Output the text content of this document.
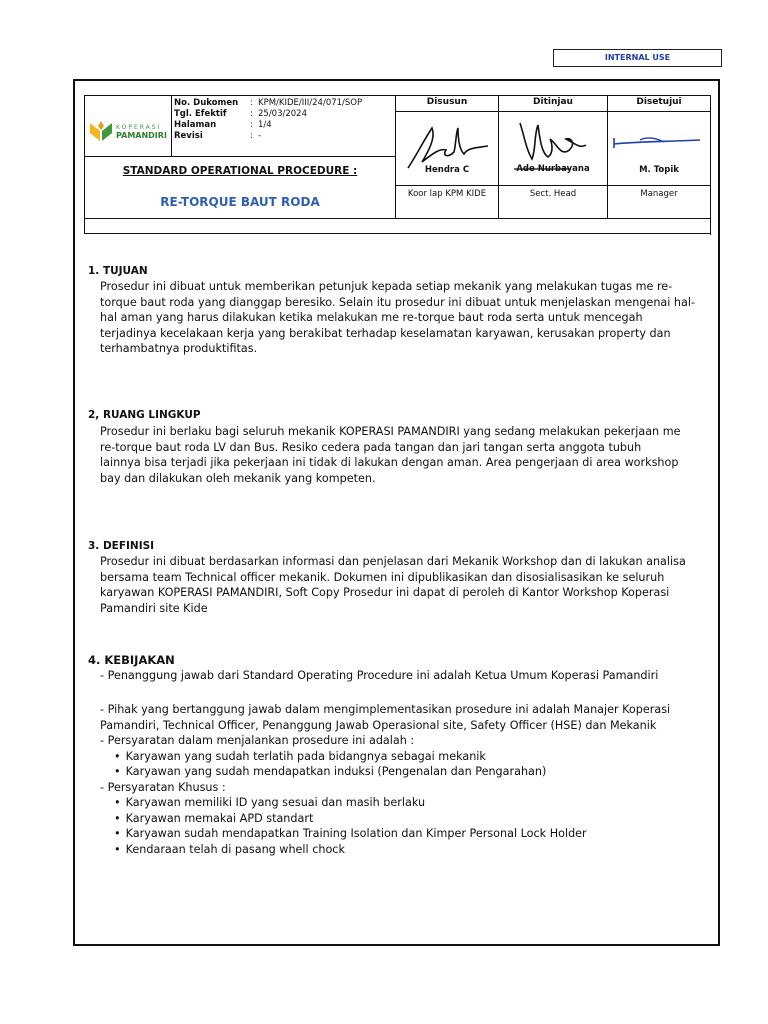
INTERNAL USE
KOPERASI
PAMANDIRI
No. Dukomen : KPM/KIDE/III/24/071/SOP
Tgl. Efektif	: 25/03/2024
Halaman	: 1/4
Revisi	: -
STANDARD OPERATIONAL PROCEDURE :
RE-TORQUE BAUT RODA
Disusun	Ditinjau	Disetujui
Hendra C	Ade Nurbayana	M. Topik
Koor lap KPM KIDE	Sect. Head	Manager
1. TUJUAN
Prosedur ini dibuat untuk memberikan petunjuk kepada setiap mekanik yang melakukan tugas me re-
torque baut roda yang dianggap beresiko. Selain itu prosedur ini dibuat untuk menjelaskan mengenai hal-
hal aman yang harus dilakukan ketika melakukan me re-torque baut roda serta untuk mencegah
terjadinya kecelakaan kerja yang berakibat terhadap keselamatan karyawan, kerusakan property dan
terhambatnya produktifitas.
2, RUANG LINGKUP
Prosedur ini berlaku bagi seluruh mekanik KOPERASI PAMANDIRI yang sedang melakukan pekerjaan me
re-torque baut roda LV dan Bus. Resiko cedera pada tangan dan jari tangan serta anggota tubuh
lainnya bisa terjadi jika pekerjaan ini tidak di lakukan dengan aman. Area pengerjaan di area workshop
bay dan dilakukan oleh mekanik yang kompeten.
3. DEFINISI
Prosedur ini dibuat berdasarkan informasi dan penjelasan dari Mekanik Workshop dan di lakukan analisa
bersama team Technical officer mekanik. Dokumen ini dipublikasikan dan disosialisasikan ke seluruh
karyawan KOPERASI PAMANDIRI, Soft Copy Prosedur ini dapat di peroleh di Kantor Workshop Koperasi
Pamandiri site Kide
4. KEBIJAKAN
- Penanggung jawab dari Standard Operating Procedure ini adalah Ketua Umum Koperasi Pamandiri
- Pihak yang bertanggung jawab dalam mengimplementasikan prosedure ini adalah Manajer Koperasi
Pamandiri, Technical Officer, Penanggung Jawab Operasional site, Safety Officer (HSE) dan Mekanik
- Persyaratan dalam menjalankan prosedure ini adalah :
• Karyawan yang sudah terlatih pada bidangnya sebagai mekanik
• Karyawan yang sudah mendapatkan induksi (Pengenalan dan Pengarahan)
- Persyaratan Khusus :
• Karyawan memiliki ID yang sesuai dan masih berlaku
• Karyawan memakai APD standart
• Karyawan sudah mendapatkan Training Isolation dan Kimper Personal Lock Holder
• Kendaraan telah di pasang whell chock
